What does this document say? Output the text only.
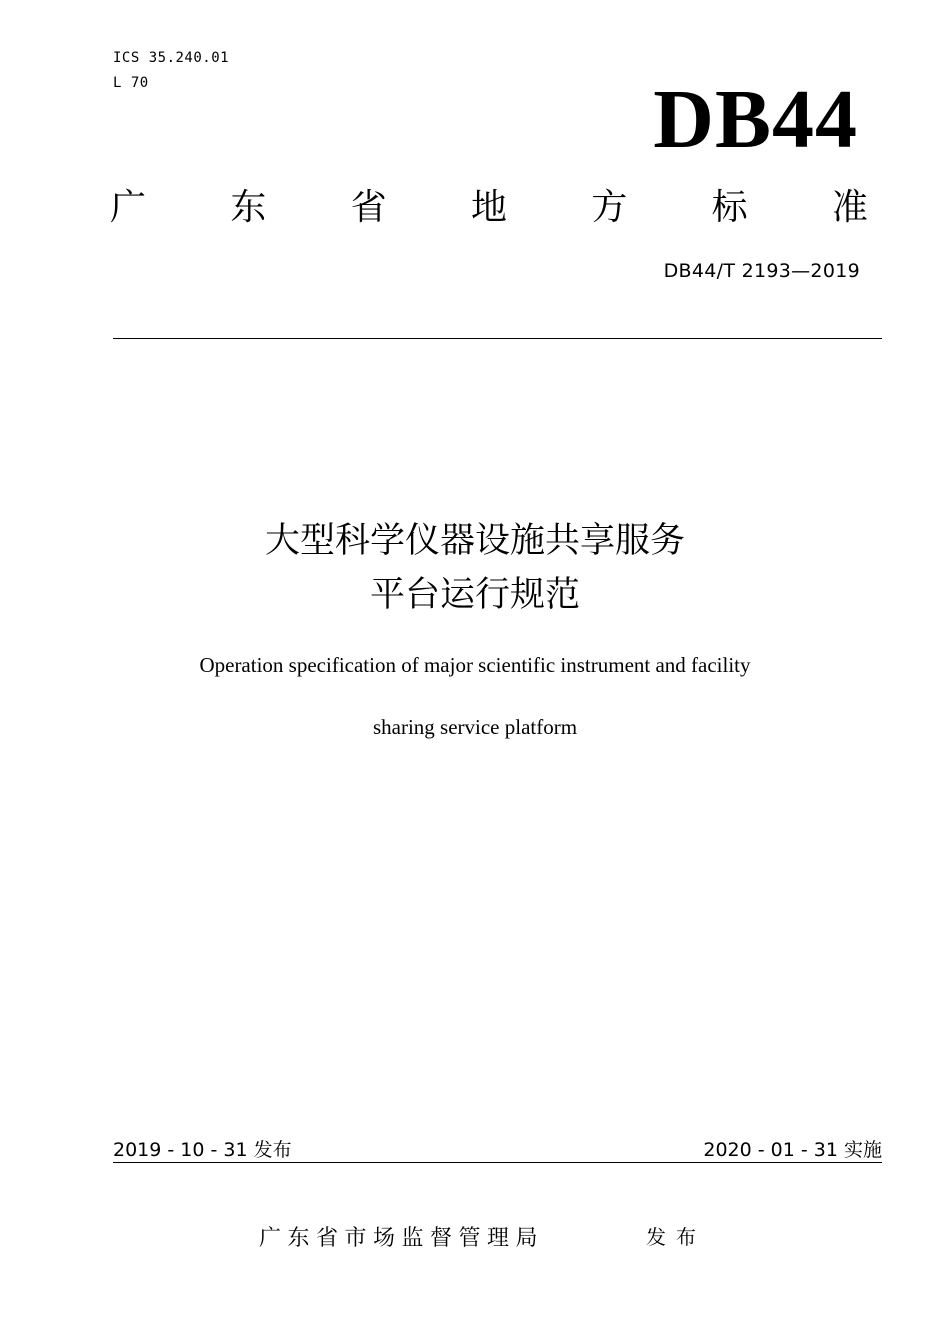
ICS 35.240.01
L 70	DB44
广 东 省 地 方 标 准
DB44/T 2193—2019
大型科学仪器设施共享服务
平台运行规范
Operation specification of major scientific instrument and facility
sharing service platform
2019 - 10 - 31 发布	2020 - 01 - 31 实施
广东省市场监督管理局	发布
